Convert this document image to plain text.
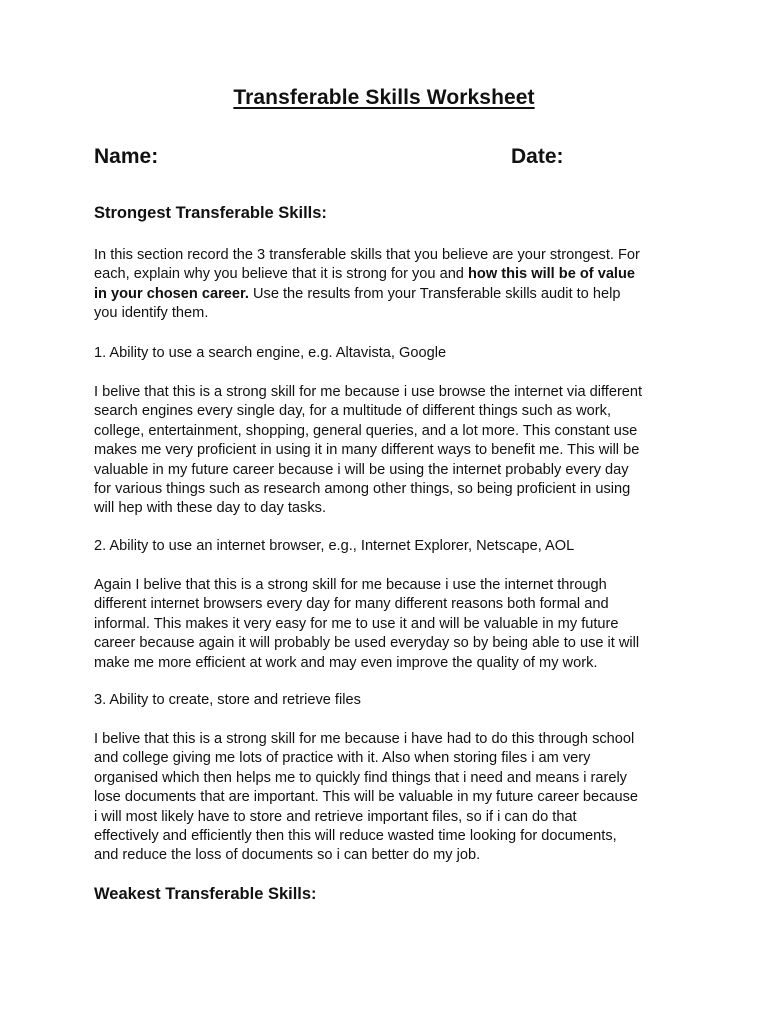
Transferable Skills Worksheet
Name:	Date:
Strongest Transferable Skills:
In this section record the 3 transferable skills that you believe are your strongest. For
each, explain why you believe that it is strong for you and how this will be of value
in your chosen career. Use the results from your Transferable skills audit to help
you identify them.
1. Ability to use a search engine, e.g. Altavista, Google
I belive that this is a strong skill for me because i use browse the internet via different
search engines every single day, for a multitude of different things such as work,
college, entertainment, shopping, general queries, and a lot more. This constant use
makes me very proficient in using it in many different ways to benefit me. This will be
valuable in my future career because i will be using the internet probably every day
for various things such as research among other things, so being proficient in using
will hep with these day to day tasks.
2. Ability to use an internet browser, e.g., Internet Explorer, Netscape, AOL
Again I belive that this is a strong skill for me because i use the internet through
different internet browsers every day for many different reasons both formal and
informal. This makes it very easy for me to use it and will be valuable in my future
career because again it will probably be used everyday so by being able to use it will
make me more efficient at work and may even improve the quality of my work.
3. Ability to create, store and retrieve files
I belive that this is a strong skill for me because i have had to do this through school
and college giving me lots of practice with it. Also when storing files i am very
organised which then helps me to quickly find things that i need and means i rarely
lose documents that are important. This will be valuable in my future career because
i will most likely have to store and retrieve important files, so if i can do that
effectively and efficiently then this will reduce wasted time looking for documents,
and reduce the loss of documents so i can better do my job.
Weakest Transferable Skills:
